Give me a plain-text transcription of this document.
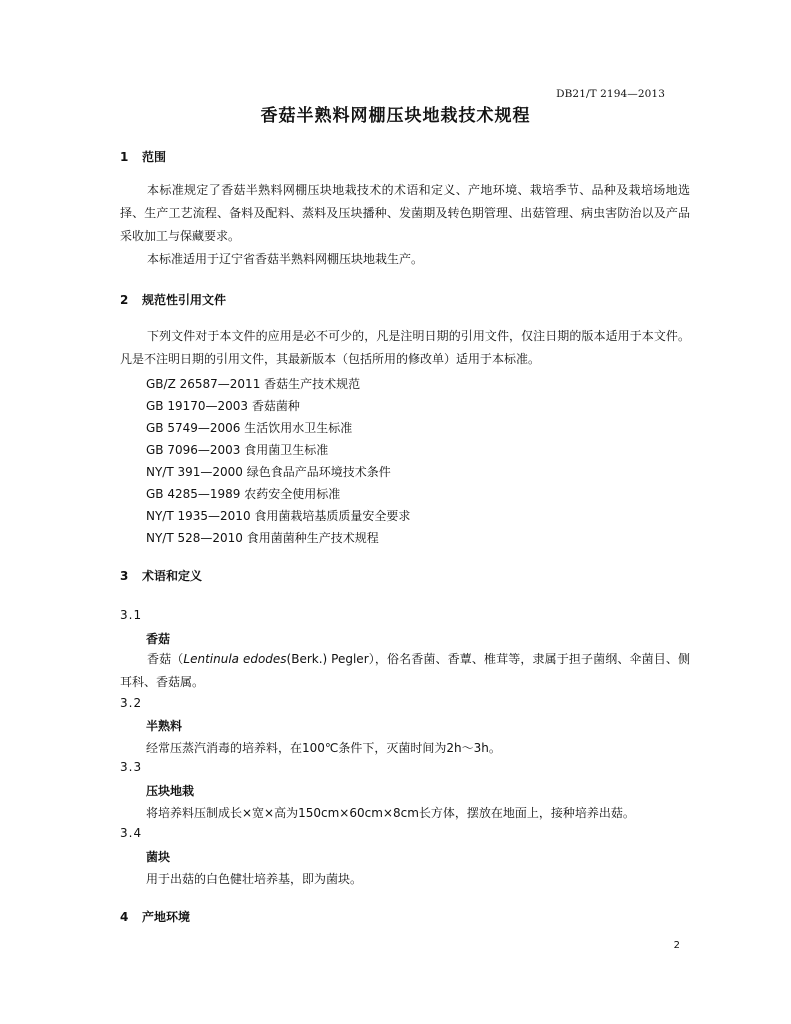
DB21/T 2194—2013
香菇半熟料网棚压块地栽技术规程
1 范围
本标准规定了香菇半熟料网棚压块地栽技术的术语和定义、产地环境、栽培季节、品种及栽培场地选择、生产工艺流程、备料及配料、蒸料及压块播种、发菌期及转色期管理、出菇管理、病虫害防治以及产品采收加工与保藏要求。
本标准适用于辽宁省香菇半熟料网棚压块地栽生产。
2 规范性引用文件
下列文件对于本文件的应用是必不可少的，凡是注明日期的引用文件，仅注日期的版本适用于本文件。凡是不注明日期的引用文件，其最新版本（包括所用的修改单）适用于本标准。
GB/Z 26587—2011 香菇生产技术规范
GB 19170—2003 香菇菌种
GB 5749—2006 生活饮用水卫生标准
GB 7096—2003 食用菌卫生标准
NY/T 391—2000 绿色食品产品环境技术条件
GB 4285—1989 农药安全使用标准
NY/T 1935—2010 食用菌栽培基质质量安全要求
NY/T 528—2010 食用菌菌种生产技术规程
3 术语和定义
3.1
香菇
香菇（Lentinula edodes(Berk.) Pegler），俗名香菌、香蕈、椎茸等，隶属于担子菌纲、伞菌目、侧耳科、香菇属。
3.2
半熟料
经常压蒸汽消毒的培养料，在100℃条件下，灭菌时间为2h～3h。
3.3
压块地栽
将培养料压制成长×宽×高为150cm×60cm×8cm长方体，摆放在地面上，接种培养出菇。
3.4
菌块
用于出菇的白色健壮培养基，即为菌块。
4 产地环境
2
